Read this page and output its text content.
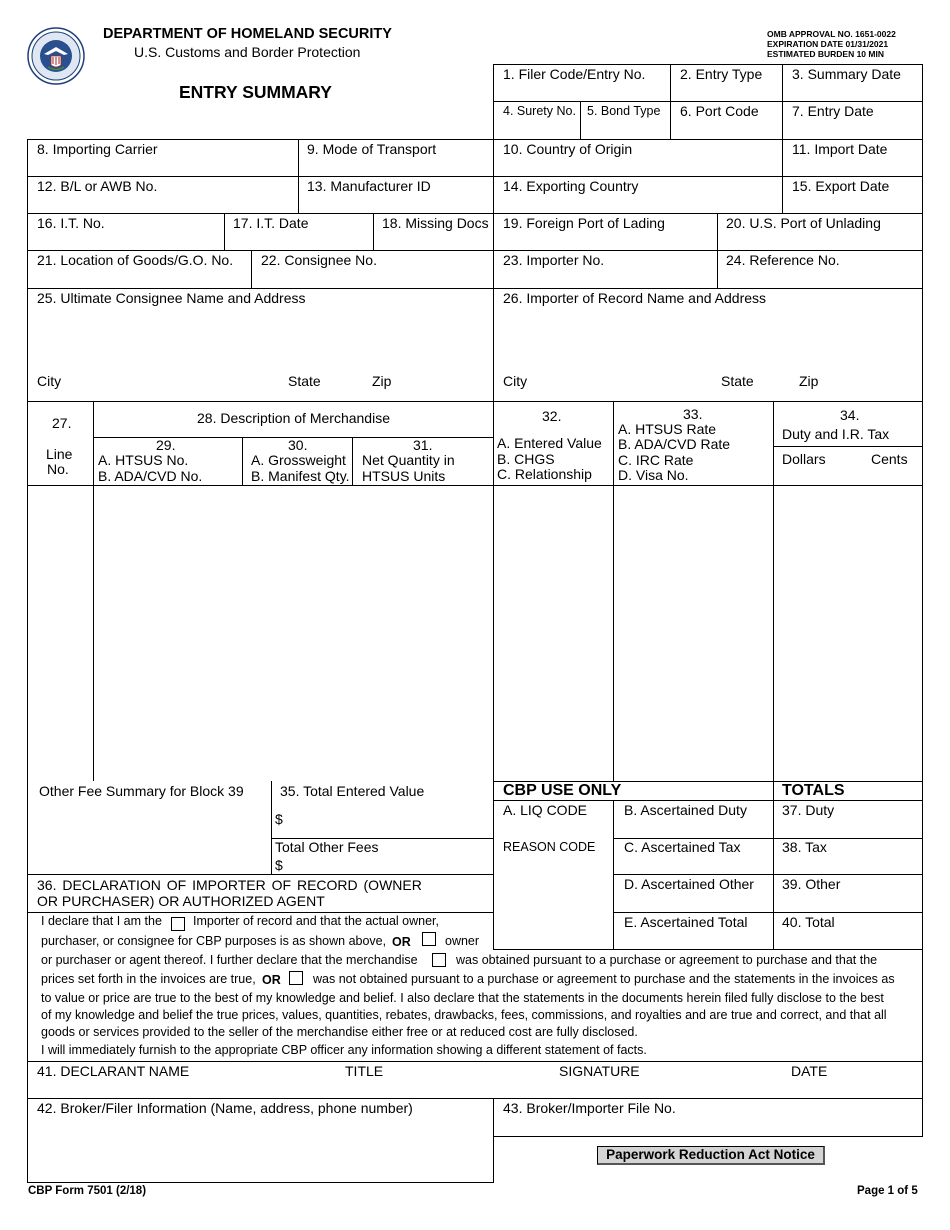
DEPARTMENT OF HOMELAND SECURITY
U.S. Customs and Border Protection
ENTRY SUMMARY
OMB APPROVAL NO. 1651-0022
EXPIRATION DATE 01/31/2021
ESTIMATED BURDEN 10 MIN
1. Filer Code/Entry No. 2. Entry Type 3. Summary Date
4. Surety No. 5. Bond Type 6. Port Code 7. Entry Date
8. Importing Carrier	9. Mode of Transport	10. Country of Origin	11. Import Date
12. B/L or AWB No.	13. Manufacturer ID	14. Exporting Country	15. Export Date
16. I.T. No.	17. I.T. Date	18. Missing Docs 19. Foreign Port of Lading	20. U.S. Port of Unlading
21. Location of Goods/G.O. No. 22. Consignee No.	23. Importer No.	24. Reference No.
25. Ultimate Consignee Name and Address	26. Importer of Record Name and Address
City	State	Zip	City	State	Zip
27.
Line
No.
28. Description of Merchandise
29.
A. HTSUS No.
B. ADA/CVD No.
30.
A. Grossweight
B. Manifest Qty.
31.
Net Quantity in
HTSUS Units
32.
A. Entered Value
B. CHGS
C. Relationship
33.
A. HTSUS Rate
B. ADA/CVD Rate
C. IRC Rate
D. Visa No.
34.
Duty and I.R. Tax
Dollars	Cents
Other Fee Summary for Block 39	35. Total Entered Value
$
Total Other Fees
$
CBP USE ONLY	TOTALS
A. LIQ CODE	B. Ascertained Duty	37. Duty
REASON CODE C. Ascertained Tax	38. Tax
D. Ascertained Other 39. Other
E. Ascertained Total 40. Total
36. DECLARATION OF IMPORTER OF RECORD (OWNER
OR PURCHASER) OR AUTHORIZED AGENT
I declare that I am the Importer of record and that the actual owner,
purchaser, or consignee for CBP purposes is as shown above, OR	owner
or purchaser or agent thereof. I further declare that the merchandise	was obtained pursuant to a purchase or agreement to purchase and that the
prices set forth in the invoices are true, OR	was not obtained pursuant to a purchase or agreement to purchase and the statements in the invoices as
to value or price are true to the best of my knowledge and belief. I also declare that the statements in the documents herein filed fully disclose to the best
of my knowledge and belief the true prices, values, quantities, rebates, drawbacks, fees, commissions, and royalties and are true and correct, and that all
goods or services provided to the seller of the merchandise either free or at reduced cost are fully disclosed.
I will immediately furnish to the appropriate CBP officer any information showing a different statement of facts.
41. DECLARANT NAME	TITLE	SIGNATURE	DATE
42. Broker/Filer Information (Name, address, phone number)	43. Broker/Importer File No.
Paperwork Reduction Act Notice
CBP Form 7501 (2/18)	Page 1 of 5
